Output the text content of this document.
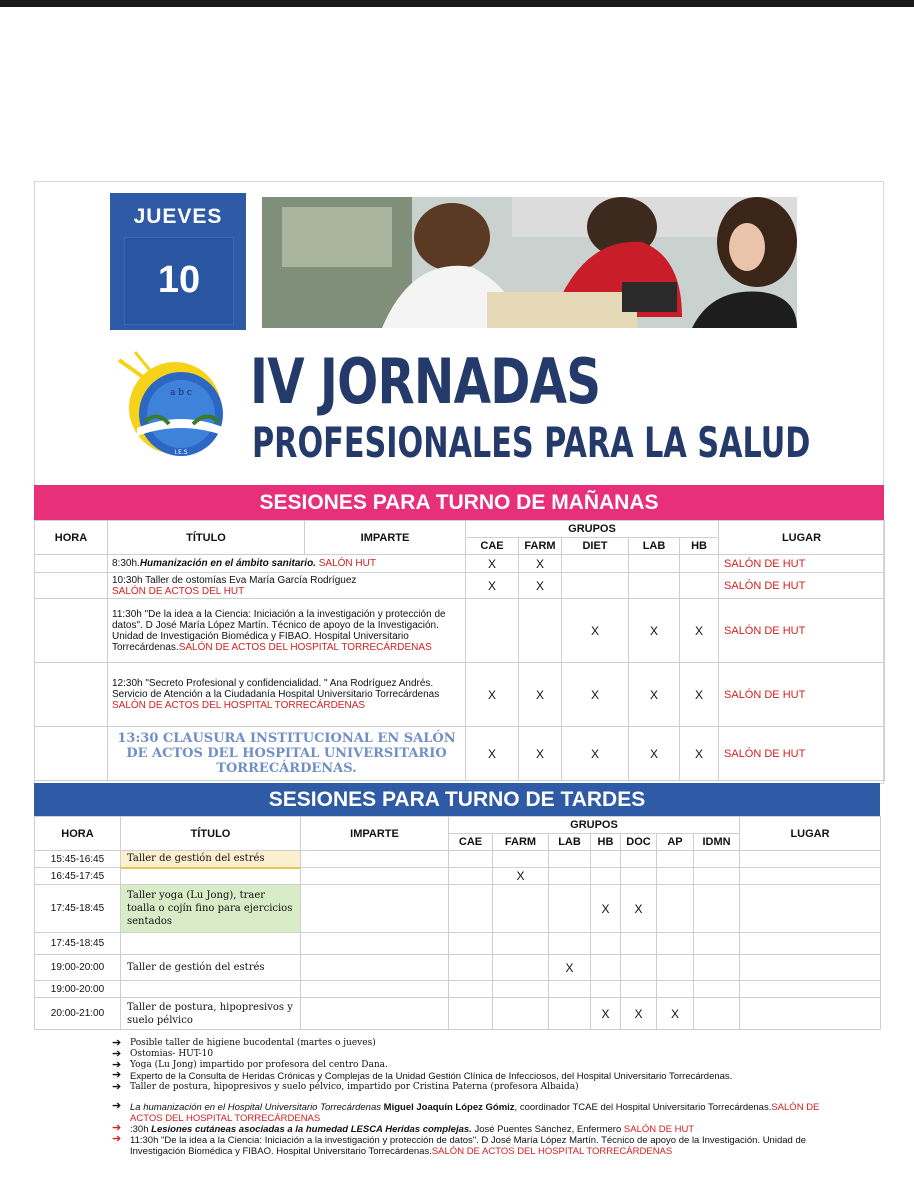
JUEVES
10
a b c
I.E.S
ALBAIDA
IV JORNADAS
PROFESIONALES PARA LA SALUD
SESIONES PARA TURNO DE MAÑANAS
HORA	TÍTULO	IMPARTE	GRUPOS					LUGAR
			CAE	FARM	DIET	LAB	HB	
	8:30h.Humanización en el ámbito sanitario. SALÓN HUT		X	X				SALÓN DE HUT
	10:30h Taller de ostomías Eva María García Rodríguez
SALÓN DE ACTOS DEL HUT		X	X				SALÓN DE HUT
	11:30h "De la idea a la Ciencia: Iniciación a la investigación y protección de datos". D José María López Martín. Técnico de apoyo de la Investigación. Unidad de Investigación Biomédica y FIBAO. Hospital Universitario Torrecárdenas.SALÓN DE ACTOS DEL HOSPITAL TORRECÁRDENAS				X	X	X	SALÓN DE HUT
	12:30h "Secreto Profesional y confidencialidad. " Ana Rodríguez Andrés.
Servicio de Atención a la Ciudadanía Hospital Universitario Torrecárdenas
SALÓN DE ACTOS DEL HOSPITAL TORRECÁRDENAS		X	X	X	X	X	SALÓN DE HUT
	13:30 CLAUSURA INSTITUCIONAL EN SALÓN DE ACTOS DEL HOSPITAL UNIVERSITARIO TORRECÁRDENAS.		X	X	X	X	X	SALÓN DE HUT
SESIONES PARA TURNO DE TARDES
HORA	TÍTULO	IMPARTE	GRUPOS							LUGAR
			CAE	FARM	LAB	HB	DOC	AP	IDMN	
15:45-16:45	Taller de gestión del estrés									
16:45-17:45				X						
17:45-18:45	Taller yoga (Lu Jong), traer toalla o cojín fino para ejercicios sentados					X	X			
17:45-18:45										
19:00-20:00	Taller de gestión del estrés				X					
19:00-20:00										
20:00-21:00	Taller de postura, hipopresivos y suelo pélvico					X	X	X		
➔ Posible taller de higiene bucodental (martes o jueves)
➔ Ostomias- HUT-10
➔ Yoga (Lu Jong) impartido por profesora del centro Dana.
➔ Experto de la Consulta de Heridas Crónicas y Complejas de la Unidad Gestión Clínica de Infecciosos, del Hospital Universitario Torrecárdenas.
➔ Taller de postura, hipopresivos y suelo pélvico, impartido por Cristina Paterna (profesora Albaida)
➔ La humanización en el Hospital Universitario Torrecárdenas Miguel Joaquín López Gómiz, coordinador TCAE del Hospital Universitario Torrecárdenas.SALÓN DE ACTOS DEL HOSPITAL TORRECÁRDENAS
➔ :30h Lesiones cutáneas asociadas a la humedad LESCA Heridas complejas. José Puentes Sánchez, Enfermero SALÓN DE HUT
➔ 11:30h "De la idea a la Ciencia: Iniciación a la investigación y protección de datos". D José María López Martín. Técnico de apoyo de la Investigación. Unidad de Investigación Biomédica y FIBAO. Hospital Universitario Torrecárdenas.SALÓN DE ACTOS DEL HOSPITAL TORRECÁRDENAS
